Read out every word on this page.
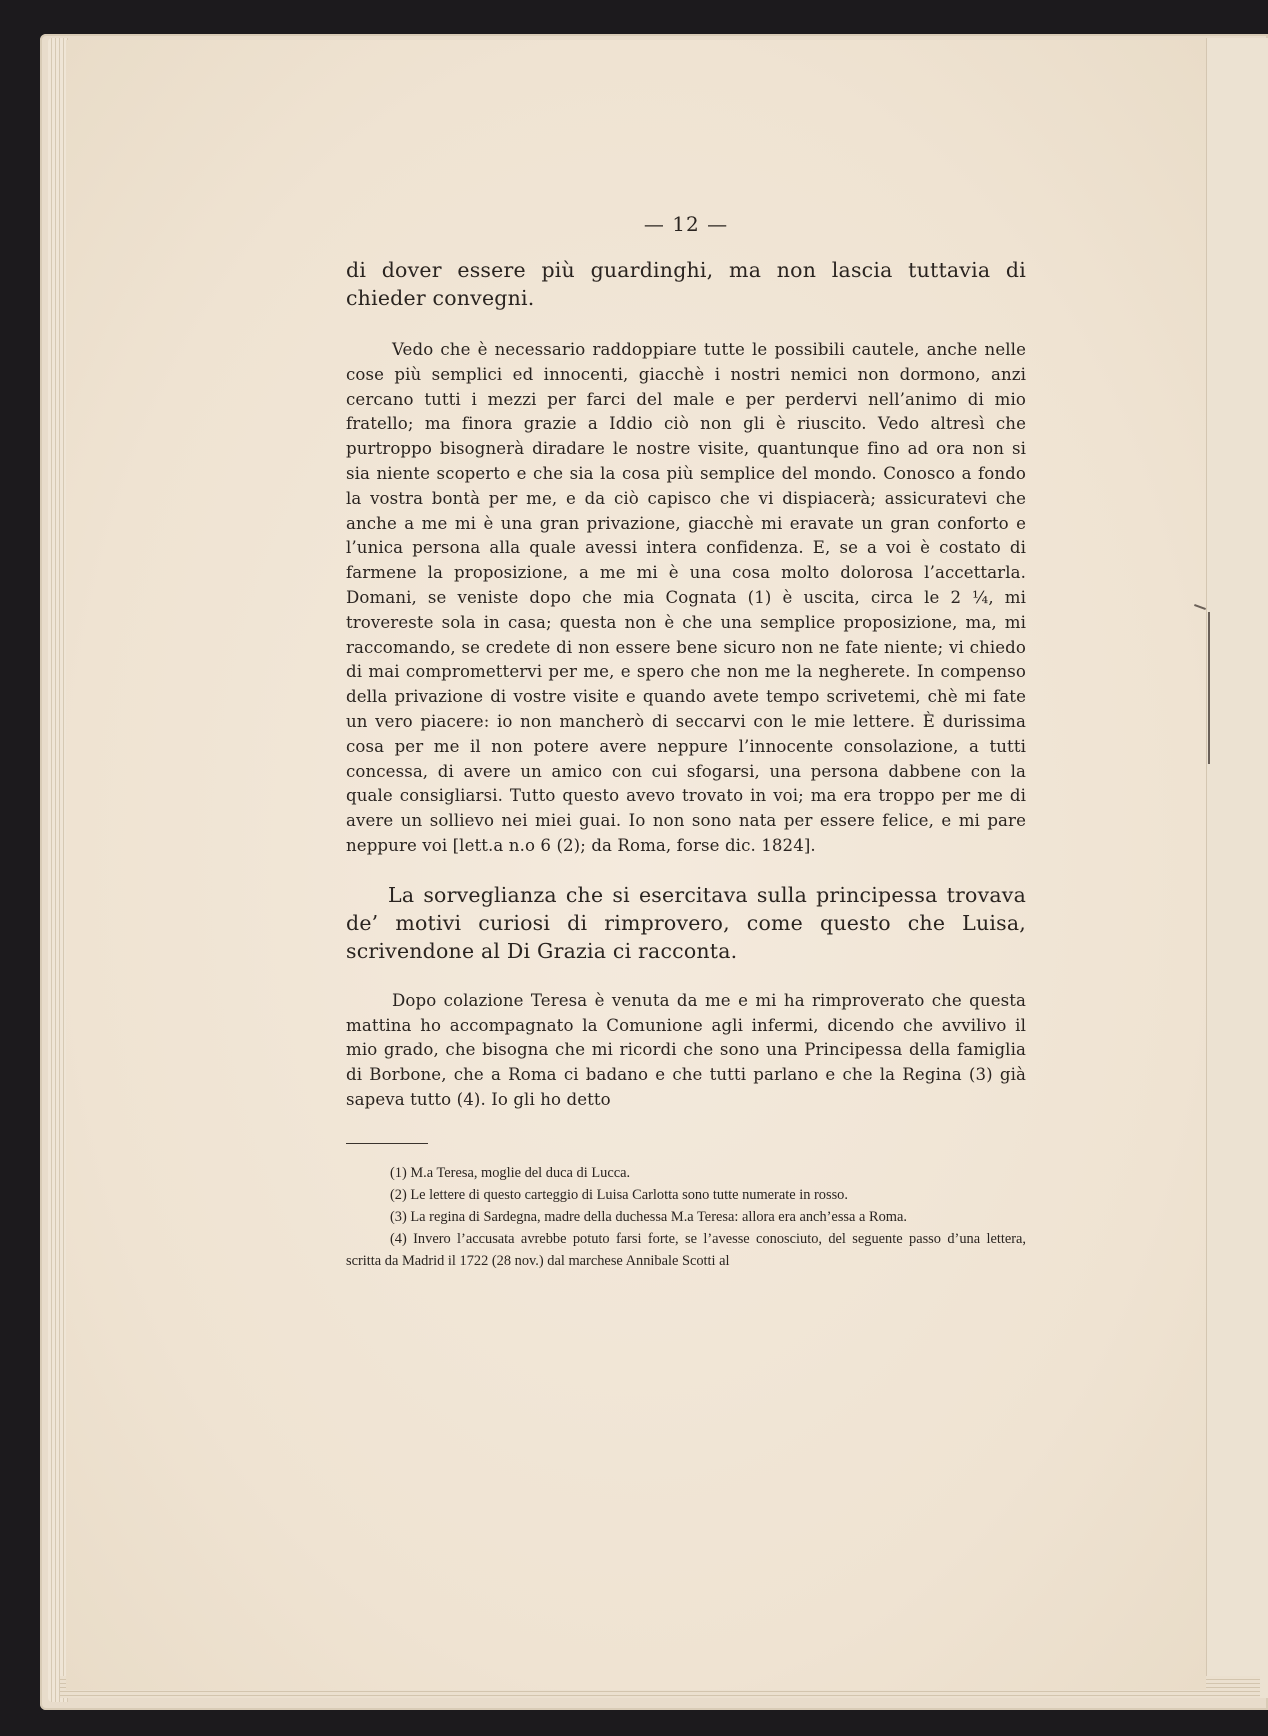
— 12 —

di dover essere più guardinghi, ma non lascia tuttavia di chieder convegni.

Vedo che è necessario raddoppiare tutte le possibili cautele, anche nelle cose più semplici ed innocenti, giacchè i nostri nemici non dormono, anzi cercano tutti i mezzi per farci del male e per perdervi nell’animo di mio fratello; ma finora grazie a Iddio ciò non gli è riuscito. Vedo altresì che purtroppo bisognerà diradare le nostre visite, quantunque fino ad ora non si sia niente scoperto e che sia la cosa più semplice del mondo. Conosco a fondo la vostra bontà per me, e da ciò capisco che vi dispiacerà; assicuratevi che anche a me mi è una gran privazione, giacchè mi eravate un gran conforto e l’unica persona alla quale avessi intera confidenza. E, se a voi è costato di farmene la proposizione, a me mi è una cosa molto dolorosa l’accettarla. Domani, se veniste dopo che mia Cognata (1) è uscita, circa le 2 ¼, mi trovereste sola in casa; questa non è che una semplice proposizione, ma, mi raccomando, se credete di non essere bene sicuro non ne fate niente; vi chiedo di mai compromettervi per me, e spero che non me la negherete. In compenso della privazione di vostre visite e quando avete tempo scrivetemi, chè mi fate un vero piacere: io non mancherò di seccarvi con le mie lettere. È durissima cosa per me il non potere avere neppure l’innocente consolazione, a tutti concessa, di avere un amico con cui sfogarsi, una persona dabbene con la quale consigliarsi. Tutto questo avevo trovato in voi; ma era troppo per me di avere un sollievo nei miei guai. Io non sono nata per essere felice, e mi pare neppure voi [lett.a n.o 6 (2); da Roma, forse dic. 1824].

La sorveglianza che si esercitava sulla principessa trovava de’ motivi curiosi di rimprovero, come questo che Luisa, scrivendone al Di Grazia ci racconta.

Dopo colazione Teresa è venuta da me e mi ha rimproverato che questa mattina ho accompagnato la Comunione agli infermi, dicendo che avvilivo il mio grado, che bisogna che mi ricordi che sono una Principessa della famiglia di Borbone, che a Roma ci badano e che tutti parlano e che la Regina (3) già sapeva tutto (4). Io gli ho detto

(1) M.a Teresa, moglie del duca di Lucca.

(2) Le lettere di questo carteggio di Luisa Carlotta sono tutte numerate in rosso.

(3) La regina di Sardegna, madre della duchessa M.a Teresa: allora era anch’essa a Roma.

(4) Invero l’accusata avrebbe potuto farsi forte, se l’avesse conosciuto, del seguente passo d’una lettera, scritta da Madrid il 1722 (28 nov.) dal marchese Annibale Scotti al
